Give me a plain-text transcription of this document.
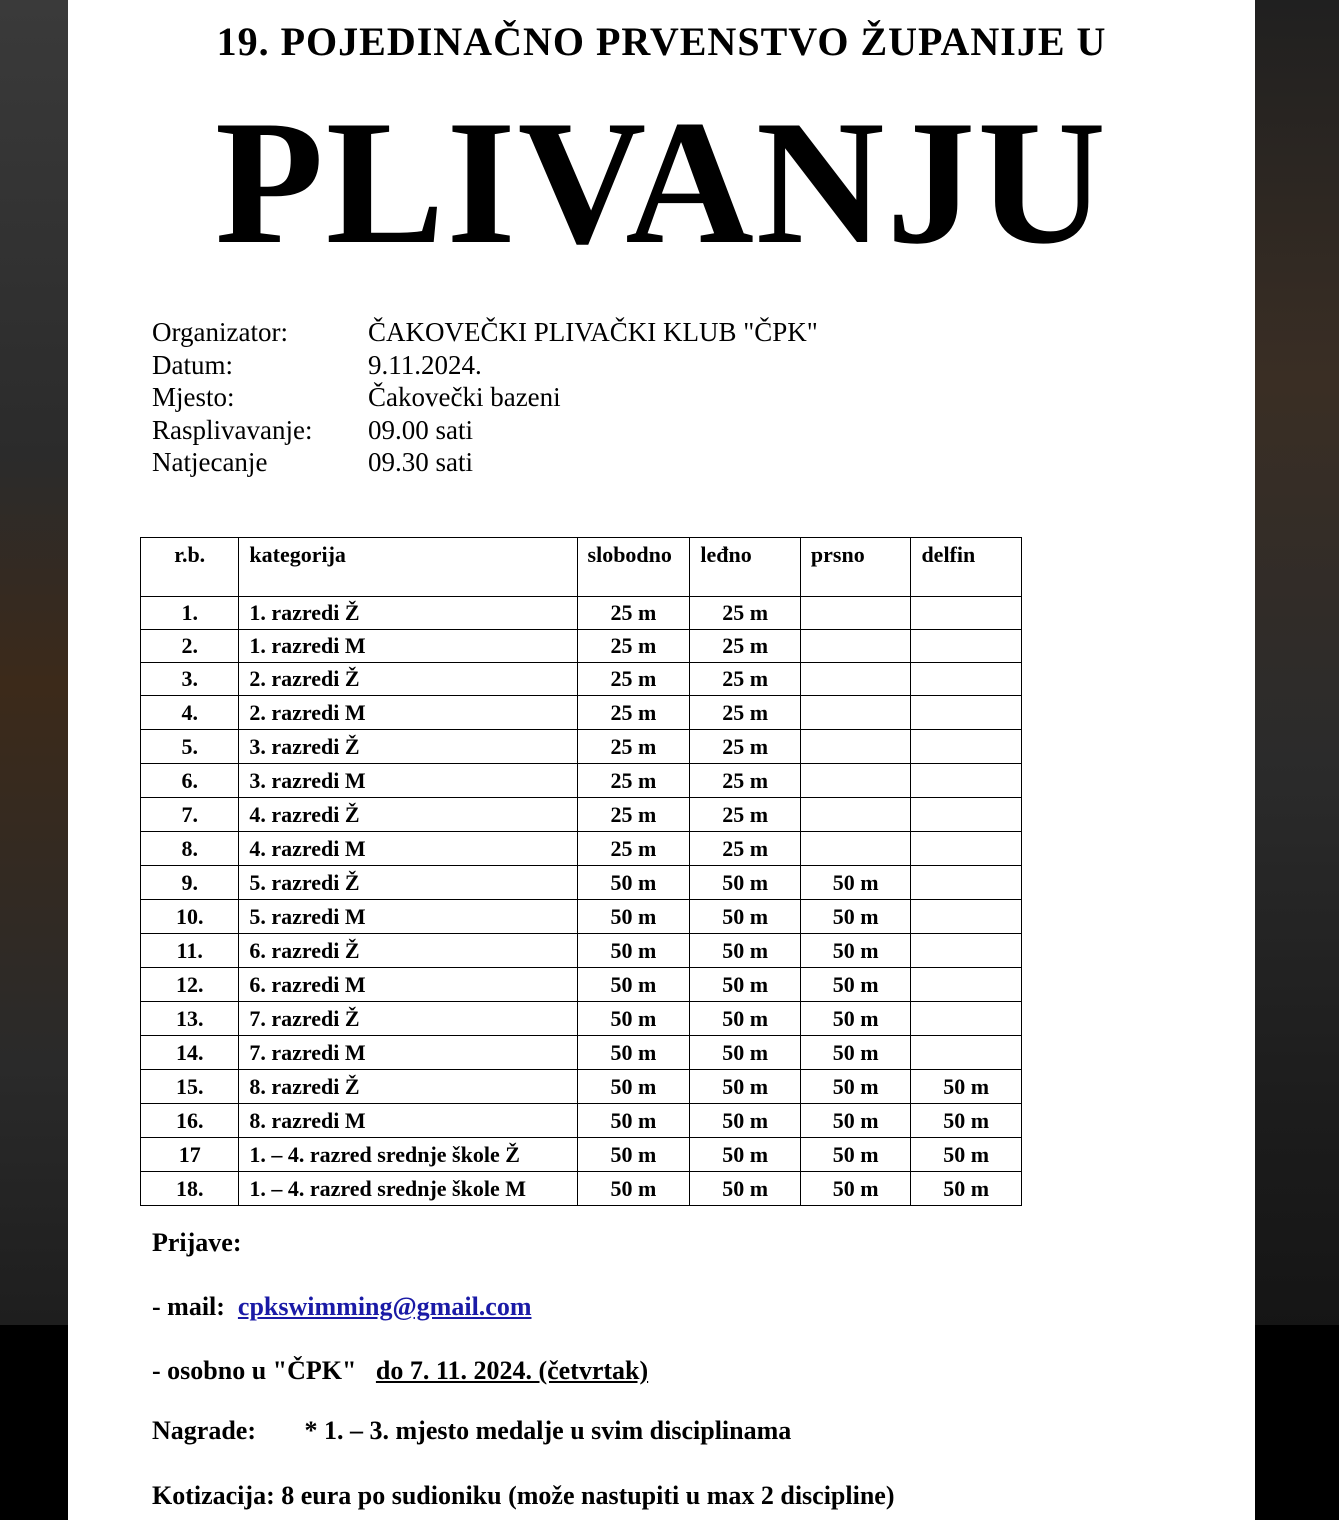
19. POJEDINAČNO PRVENSTVO ŽUPANIJE U
PLIVANJU
Organizator:	ČAKOVEČKI PLIVAČKI KLUB "ČPK"
Datum:	9.11.2024.
Mjesto:	Čakovečki bazeni
Rasplivavanje:	09.00 sati
Natjecanje	09.30 sati
r.b.	kategorija	slobodno	leđno	prsno	delfin
1.	1. razredi Ž	25 m	25 m		
2.	1. razredi M	25 m	25 m		
3.	2. razredi Ž	25 m	25 m		
4.	2. razredi M	25 m	25 m		
5.	3. razredi Ž	25 m	25 m		
6.	3. razredi M	25 m	25 m		
7.	4. razredi Ž	25 m	25 m		
8.	4. razredi M	25 m	25 m		
9.	5. razredi Ž	50 m	50 m	50 m	
10.	5. razredi M	50 m	50 m	50 m	
11.	6. razredi Ž	50 m	50 m	50 m	
12.	6. razredi M	50 m	50 m	50 m	
13.	7. razredi Ž	50 m	50 m	50 m	
14.	7. razredi M	50 m	50 m	50 m	
15.	8. razredi Ž	50 m	50 m	50 m	50 m
16.	8. razredi M	50 m	50 m	50 m	50 m
17	1. – 4. razred srednje škole Ž	50 m	50 m	50 m	50 m
18.	1. – 4. razred srednje škole M	50 m	50 m	50 m	50 m
Prijave:
- mail: cpkswimming@gmail.com
- osobno u "ČPK" do 7. 11. 2024. (četvrtak)
Nagrade: * 1. – 3. mjesto medalje u svim disciplinama
Kotizacija: 8 eura po sudioniku (može nastupiti u max 2 discipline)
